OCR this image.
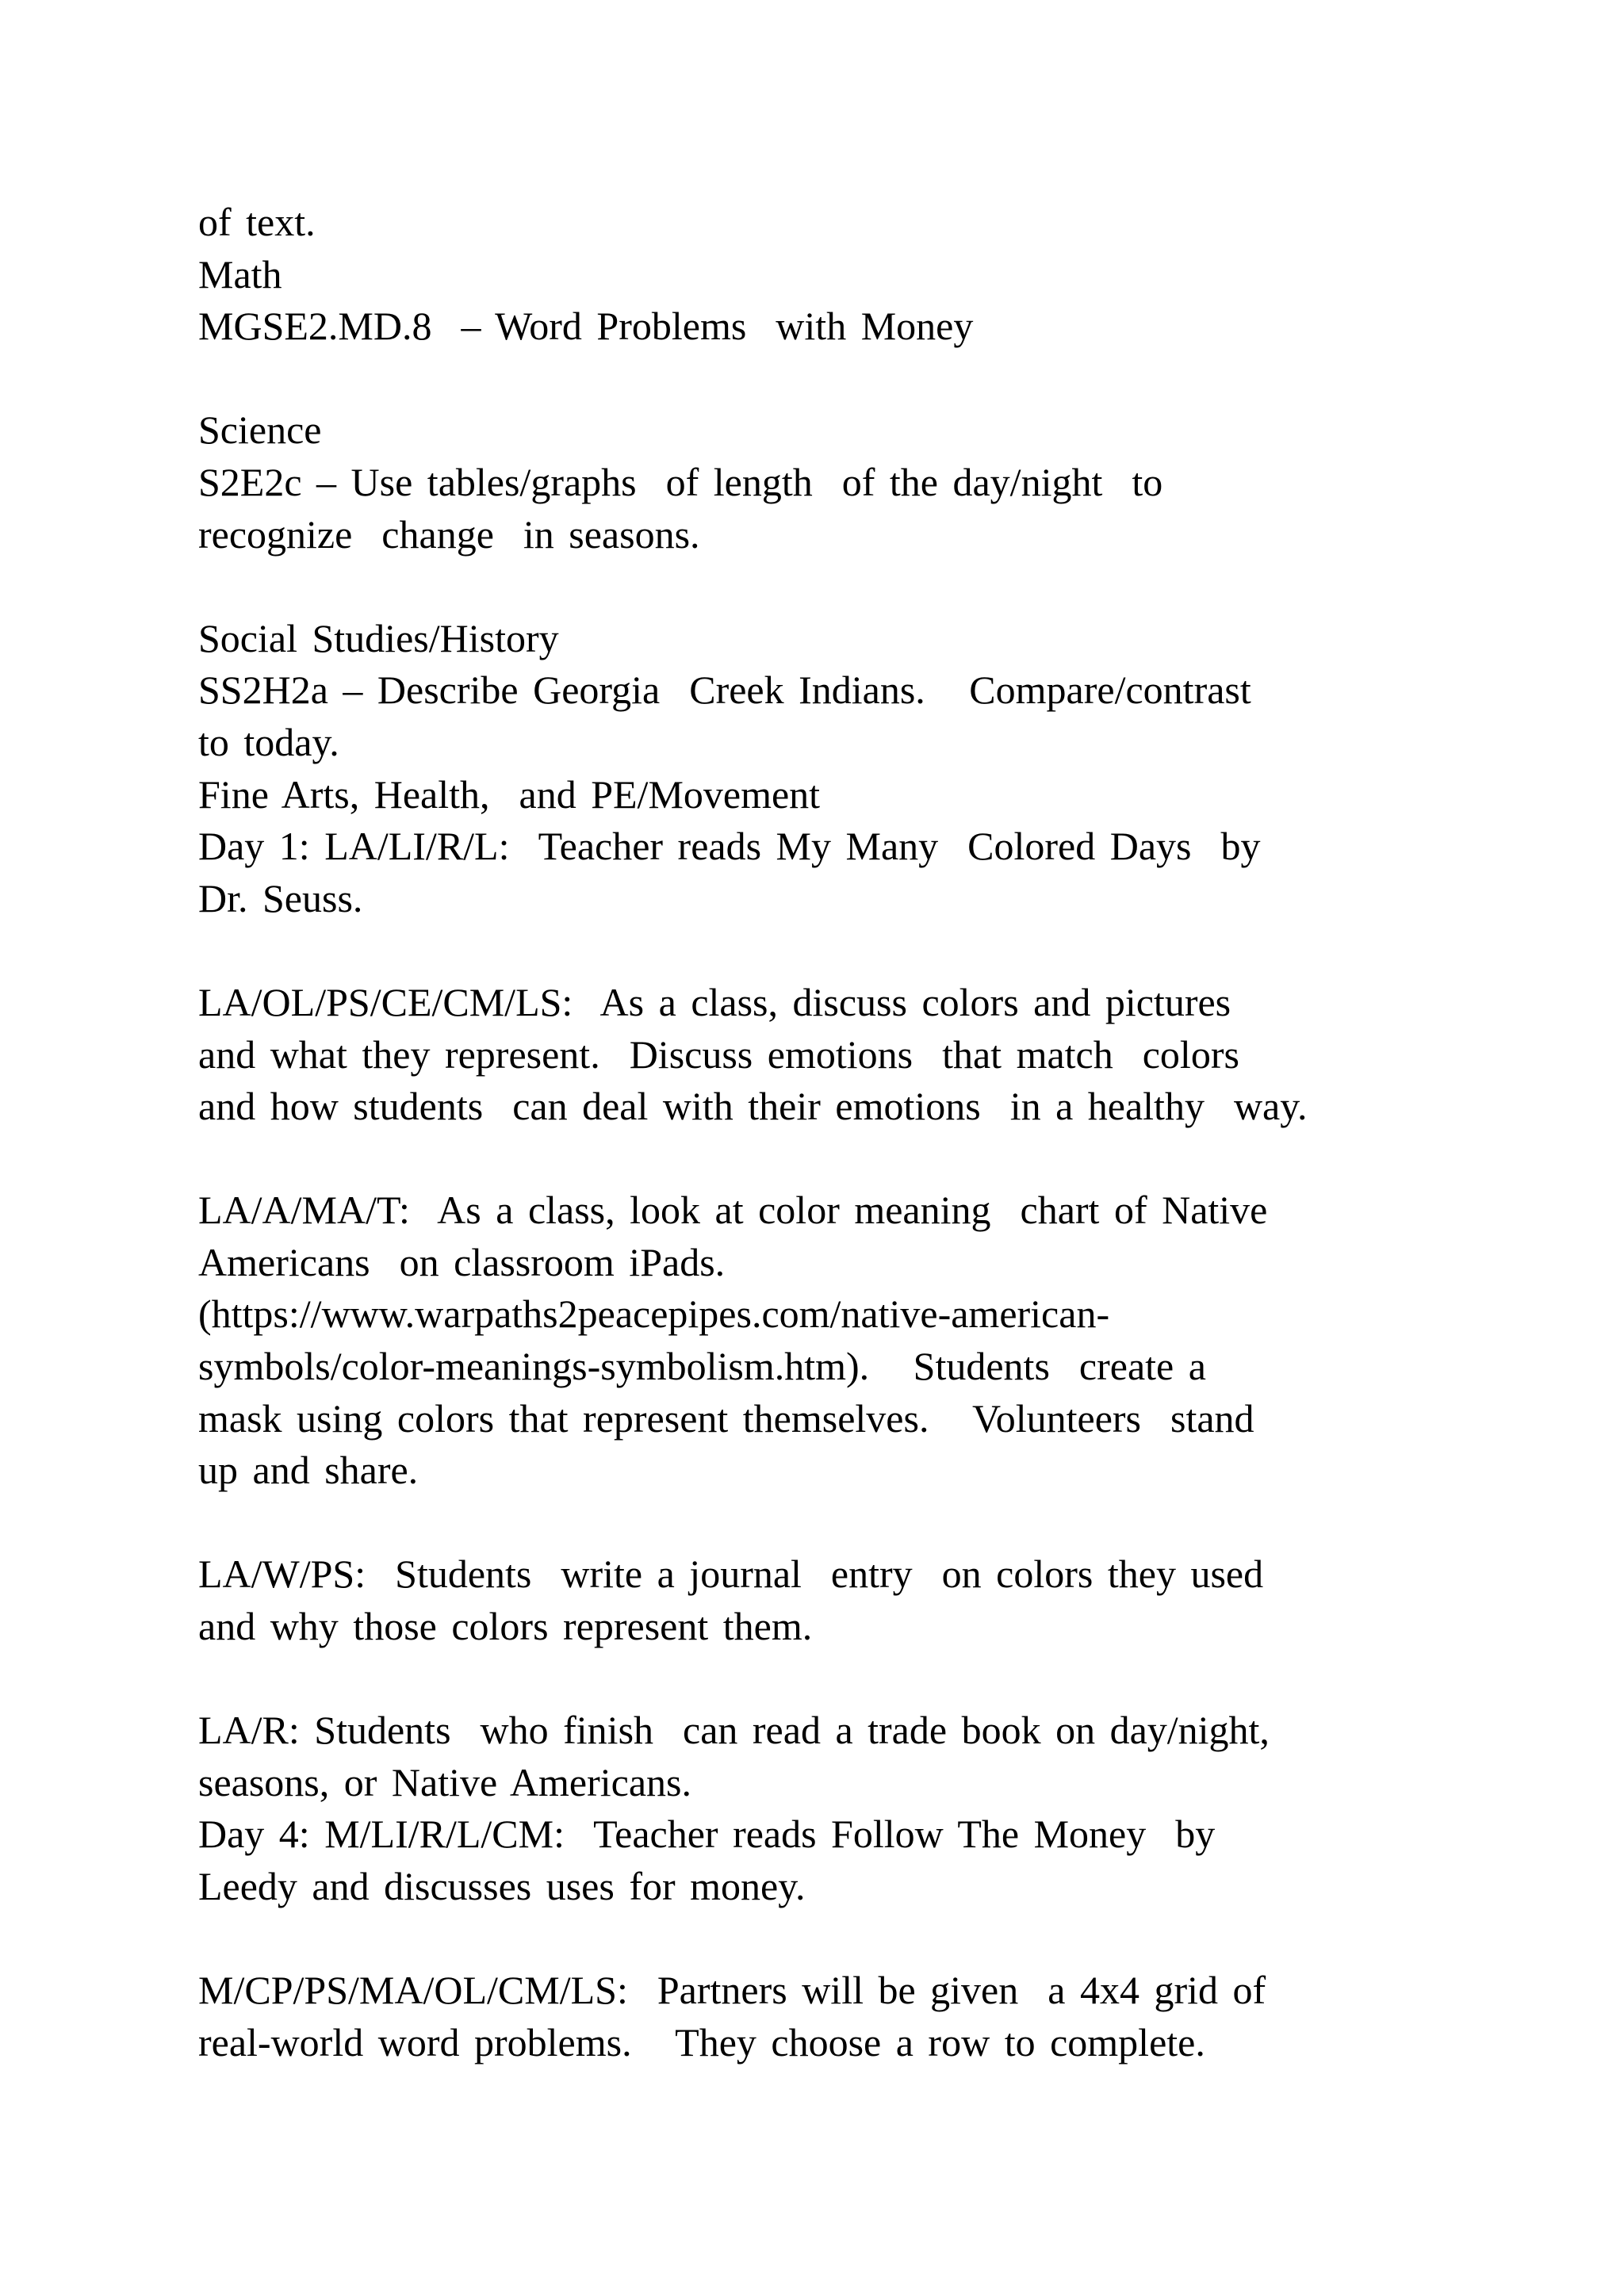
of text.
Math
MGSE2.MD.8  – Word Problems  with Money
Science
S2E2c – Use tables/graphs  of length  of the day/night  to
recognize  change  in seasons.
Social Studies/History
SS2H2a – Describe Georgia  Creek Indians.   Compare/contrast
to today.
Fine Arts, Health,  and PE/Movement
Day 1: LA/LI/R/L:  Teacher reads My Many  Colored Days  by
Dr. Seuss.
LA/OL/PS/CE/CM/LS:  As a class, discuss colors and pictures
and what they represent.  Discuss emotions  that match  colors
and how students  can deal with their emotions  in a healthy  way.
LA/A/MA/T:  As a class, look at color meaning  chart of Native
Americans  on classroom iPads.
(https://www.warpaths2peacepipes.com/native-american-
symbols/color-meanings-symbolism.htm).   Students  create a
mask using colors that represent themselves.   Volunteers  stand
up and share.
LA/W/PS:  Students  write a journal  entry  on colors they used
and why those colors represent them.
LA/R: Students  who finish  can read a trade book on day/night,
seasons, or Native Americans.
Day 4: M/LI/R/L/CM:  Teacher reads Follow The Money  by
Leedy and discusses uses for money.
M/CP/PS/MA/OL/CM/LS:  Partners will be given  a 4x4 grid of
real-world word problems.   They choose a row to complete.
